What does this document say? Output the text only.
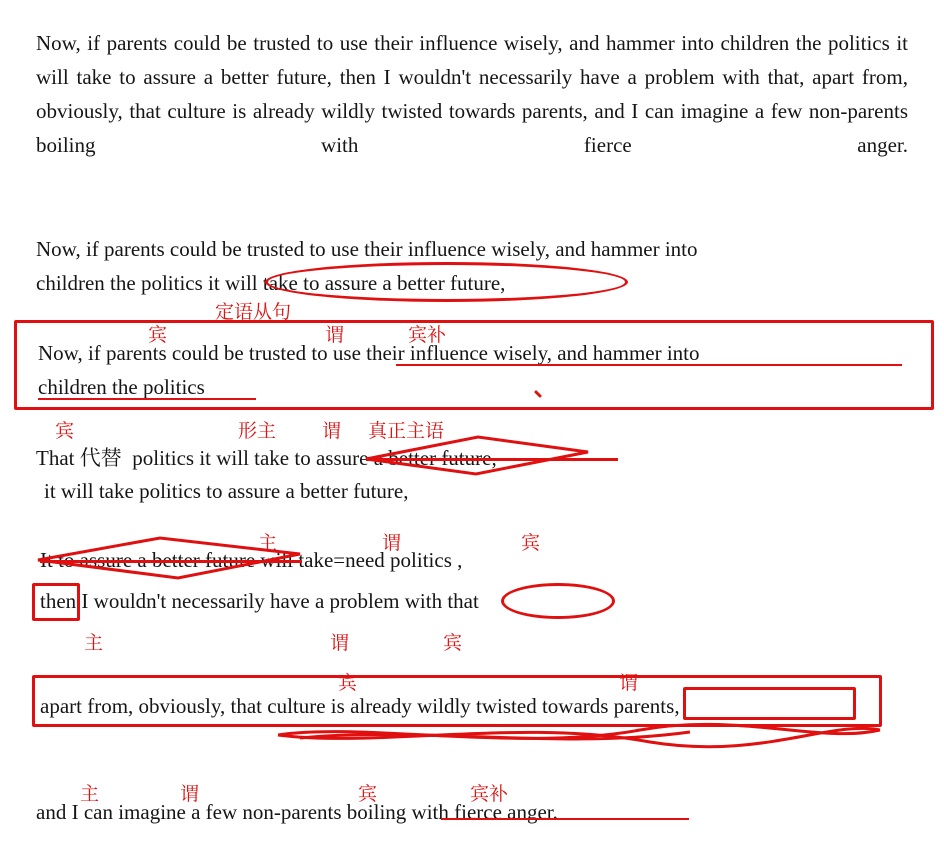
Now, if parents could be trusted to use their influence wisely, and hammer into children the politics it will take to assure a better future, then I wouldn't necessarily have a problem with that, apart from, obviously, that culture is already wildly twisted towards parents, and I can imagine a few non-parents boiling with fierce anger.
Now, if parents could be trusted to use their influence wisely, and hammer into
children the politics it will take to assure a better future,
Now, if parents could be trusted to use their influence wisely, and hammer into
children the politics
That 代替  politics it will take to assure a better future,
it will take politics to assure a better future,
It to assure a better future will take=need politics ,
then I wouldn't necessarily have a problem with that
apart from, obviously, that culture is already wildly twisted towards parents,
and I can imagine a few non-parents boiling with fierce anger.
定语从句
宾	谓	宾补
宾	形主 谓 真正主语
主	谓	宾
主	谓	宾
宾	谓
主	谓	宾	宾补
